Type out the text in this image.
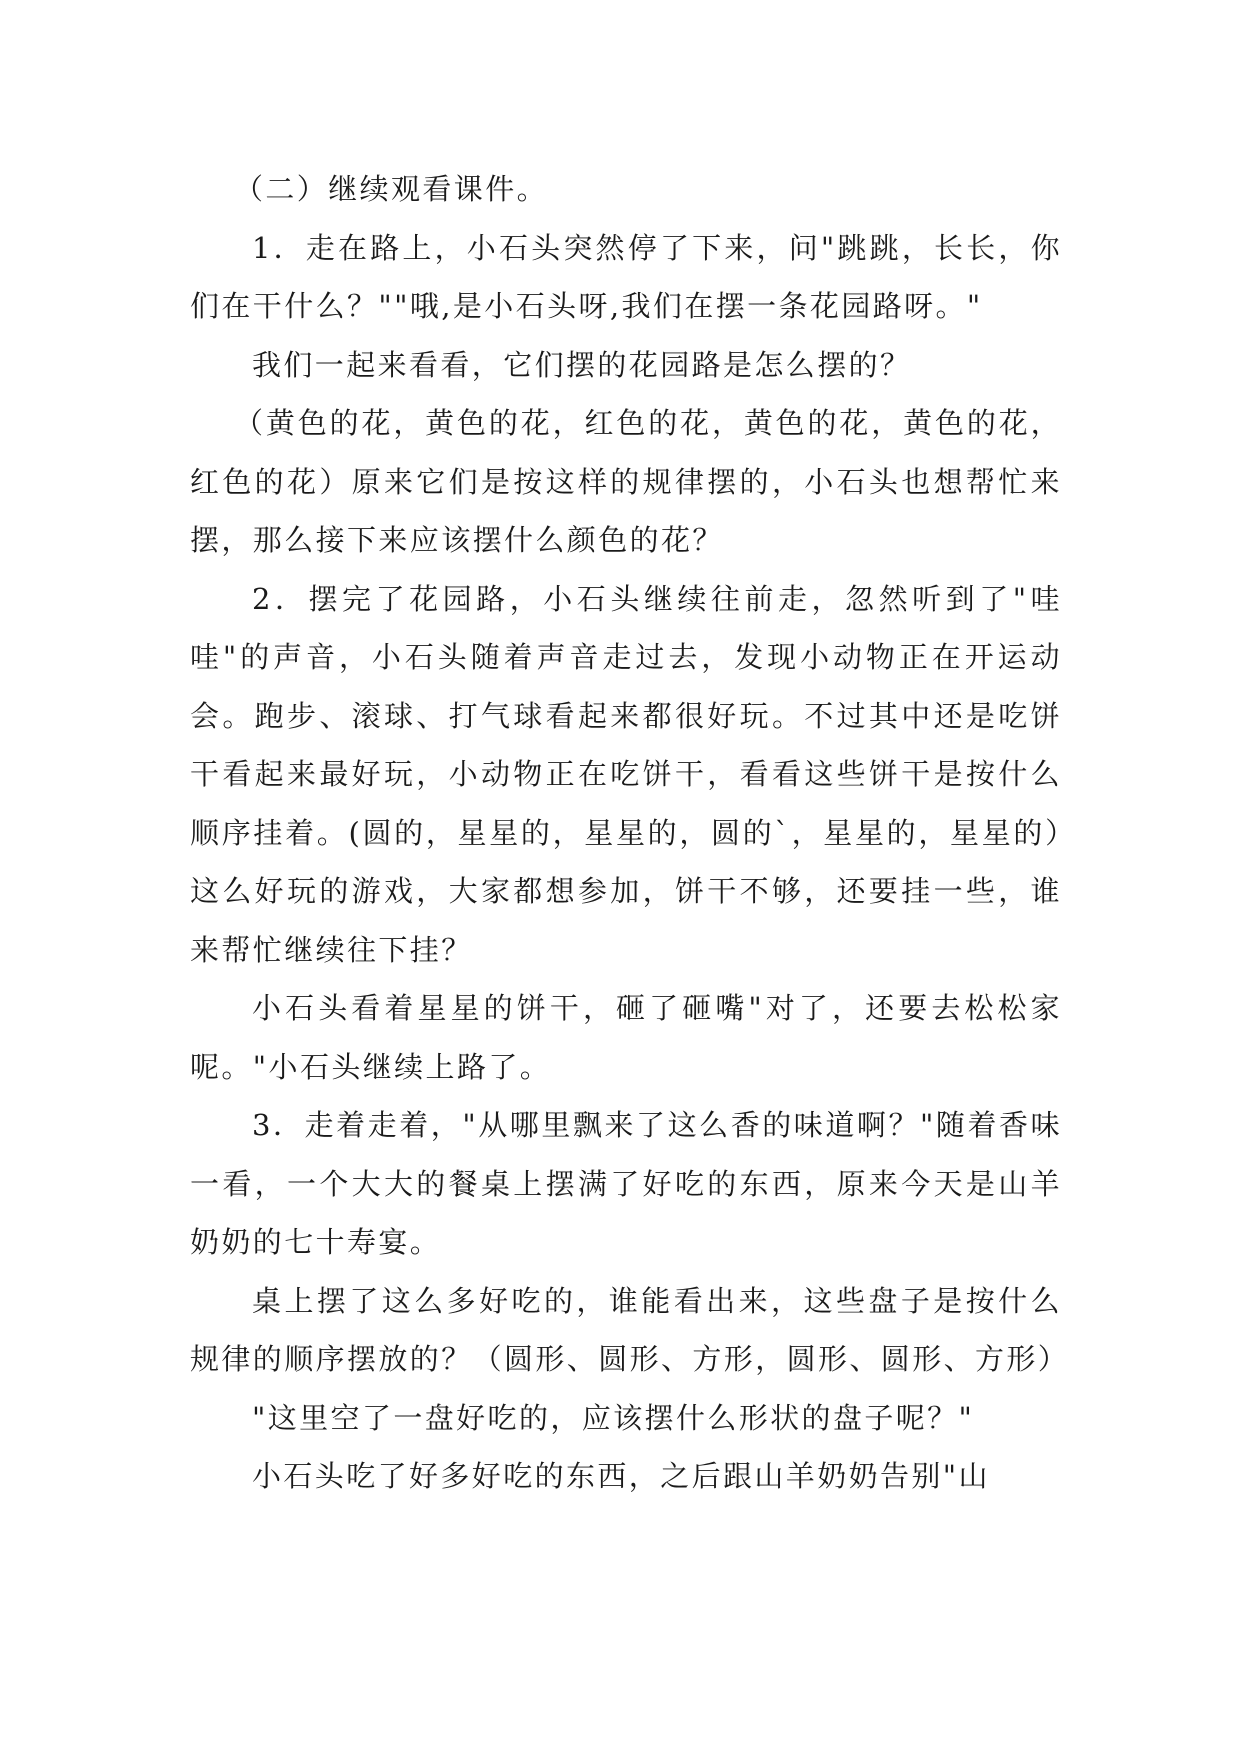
（二）继续观看课件。

1．走在路上，小石头突然停了下来，问"跳跳，长长，你们在干什么？""哦,是小石头呀,我们在摆一条花园路呀。"

我们一起来看看，它们摆的花园路是怎么摆的？

（黄色的花，黄色的花，红色的花，黄色的花，黄色的花，红色的花）原来它们是按这样的规律摆的，小石头也想帮忙来摆，那么接下来应该摆什么颜色的花？

2．摆完了花园路，小石头继续往前走，忽然听到了"哇哇"的声音，小石头随着声音走过去，发现小动物正在开运动会。跑步、滚球、打气球看起来都很好玩。不过其中还是吃饼干看起来最好玩，小动物正在吃饼干，看看这些饼干是按什么顺序挂着。(圆的，星星的，星星的，圆的`，星星的，星星的）这么好玩的游戏，大家都想参加，饼干不够，还要挂一些，谁来帮忙继续往下挂？

小石头看着星星的饼干，砸了砸嘴"对了，还要去松松家呢。"小石头继续上路了。

3．走着走着，"从哪里飘来了这么香的味道啊？"随着香味一看，一个大大的餐桌上摆满了好吃的东西，原来今天是山羊奶奶的七十寿宴。

桌上摆了这么多好吃的，谁能看出来，这些盘子是按什么规律的顺序摆放的？（圆形、圆形、方形，圆形、圆形、方形）

"这里空了一盘好吃的，应该摆什么形状的盘子呢？"

小石头吃了好多好吃的东西，之后跟山羊奶奶告别"山
